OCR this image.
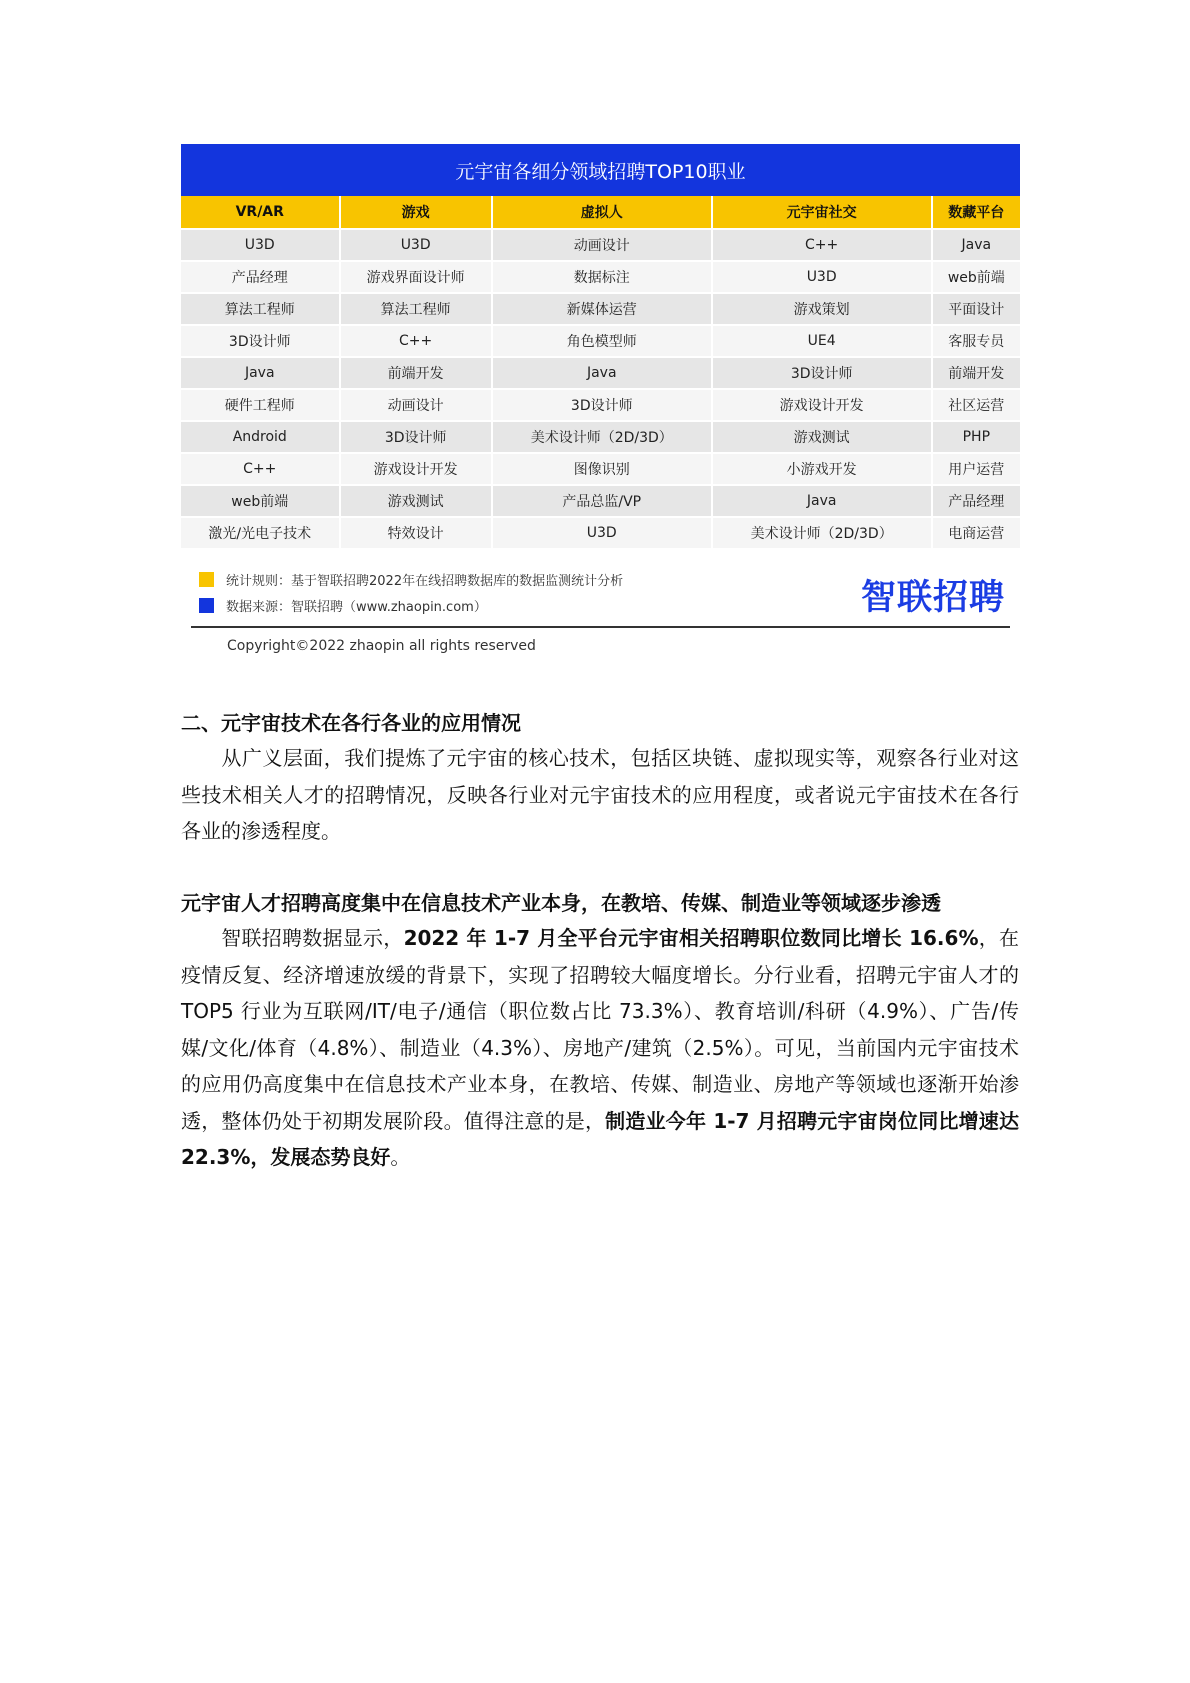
元宇宙各细分领域招聘TOP10职业
VR/AR	游戏	虚拟人	元宇宙社交	数藏平台
U3D	U3D	动画设计	C++	Java
产品经理	游戏界面设计师	数据标注	U3D	web前端
算法工程师	算法工程师	新媒体运营	游戏策划	平面设计
3D设计师	C++	角色模型师	UE4	客服专员
Java	前端开发	Java	3D设计师	前端开发
硬件工程师	动画设计	3D设计师	游戏设计开发	社区运营
Android	3D设计师	美术设计师（2D/3D）	游戏测试	PHP
C++	游戏设计开发	图像识别	小游戏开发	用户运营
web前端	游戏测试	产品总监/VP	Java	产品经理
激光/光电子技术	特效设计	U3D	美术设计师（2D/3D）	电商运营
统计规则：基于智联招聘2022年在线招聘数据库的数据监测统计分析
数据来源：智联招聘（www.zhaopin.com）	智联招聘
Copyright©2022 zhaopin all rights reserved
二、元宇宙技术在各行各业的应用情况

从广义层面，我们提炼了元宇宙的核心技术，包括区块链、虚拟现实等，观察各行业对这些技术相关人才的招聘情况，反映各行业对元宇宙技术的应用程度，或者说元宇宙技术在各行各业的渗透程度。

元宇宙人才招聘高度集中在信息技术产业本身，在教培、传媒、制造业等领域逐步渗透

智联招聘数据显示，2022 年 1-7 月全平台元宇宙相关招聘职位数同比增长 16.6%，在疫情反复、经济增速放缓的背景下，实现了招聘较大幅度增长。分行业看，招聘元宇宙人才的 TOP5 行业为互联网/IT/电子/通信（职位数占比 73.3%）、教育培训/科研（4.9%）、广告/传媒/文化/体育（4.8%）、制造业（4.3%）、房地产/建筑（2.5%）。可见，当前国内元宇宙技术的应用仍高度集中在信息技术产业本身，在教培、传媒、制造业、房地产等领域也逐渐开始渗透，整体仍处于初期发展阶段。值得注意的是，制造业今年 1-7 月招聘元宇宙岗位同比增速达 22.3%，发展态势良好。
